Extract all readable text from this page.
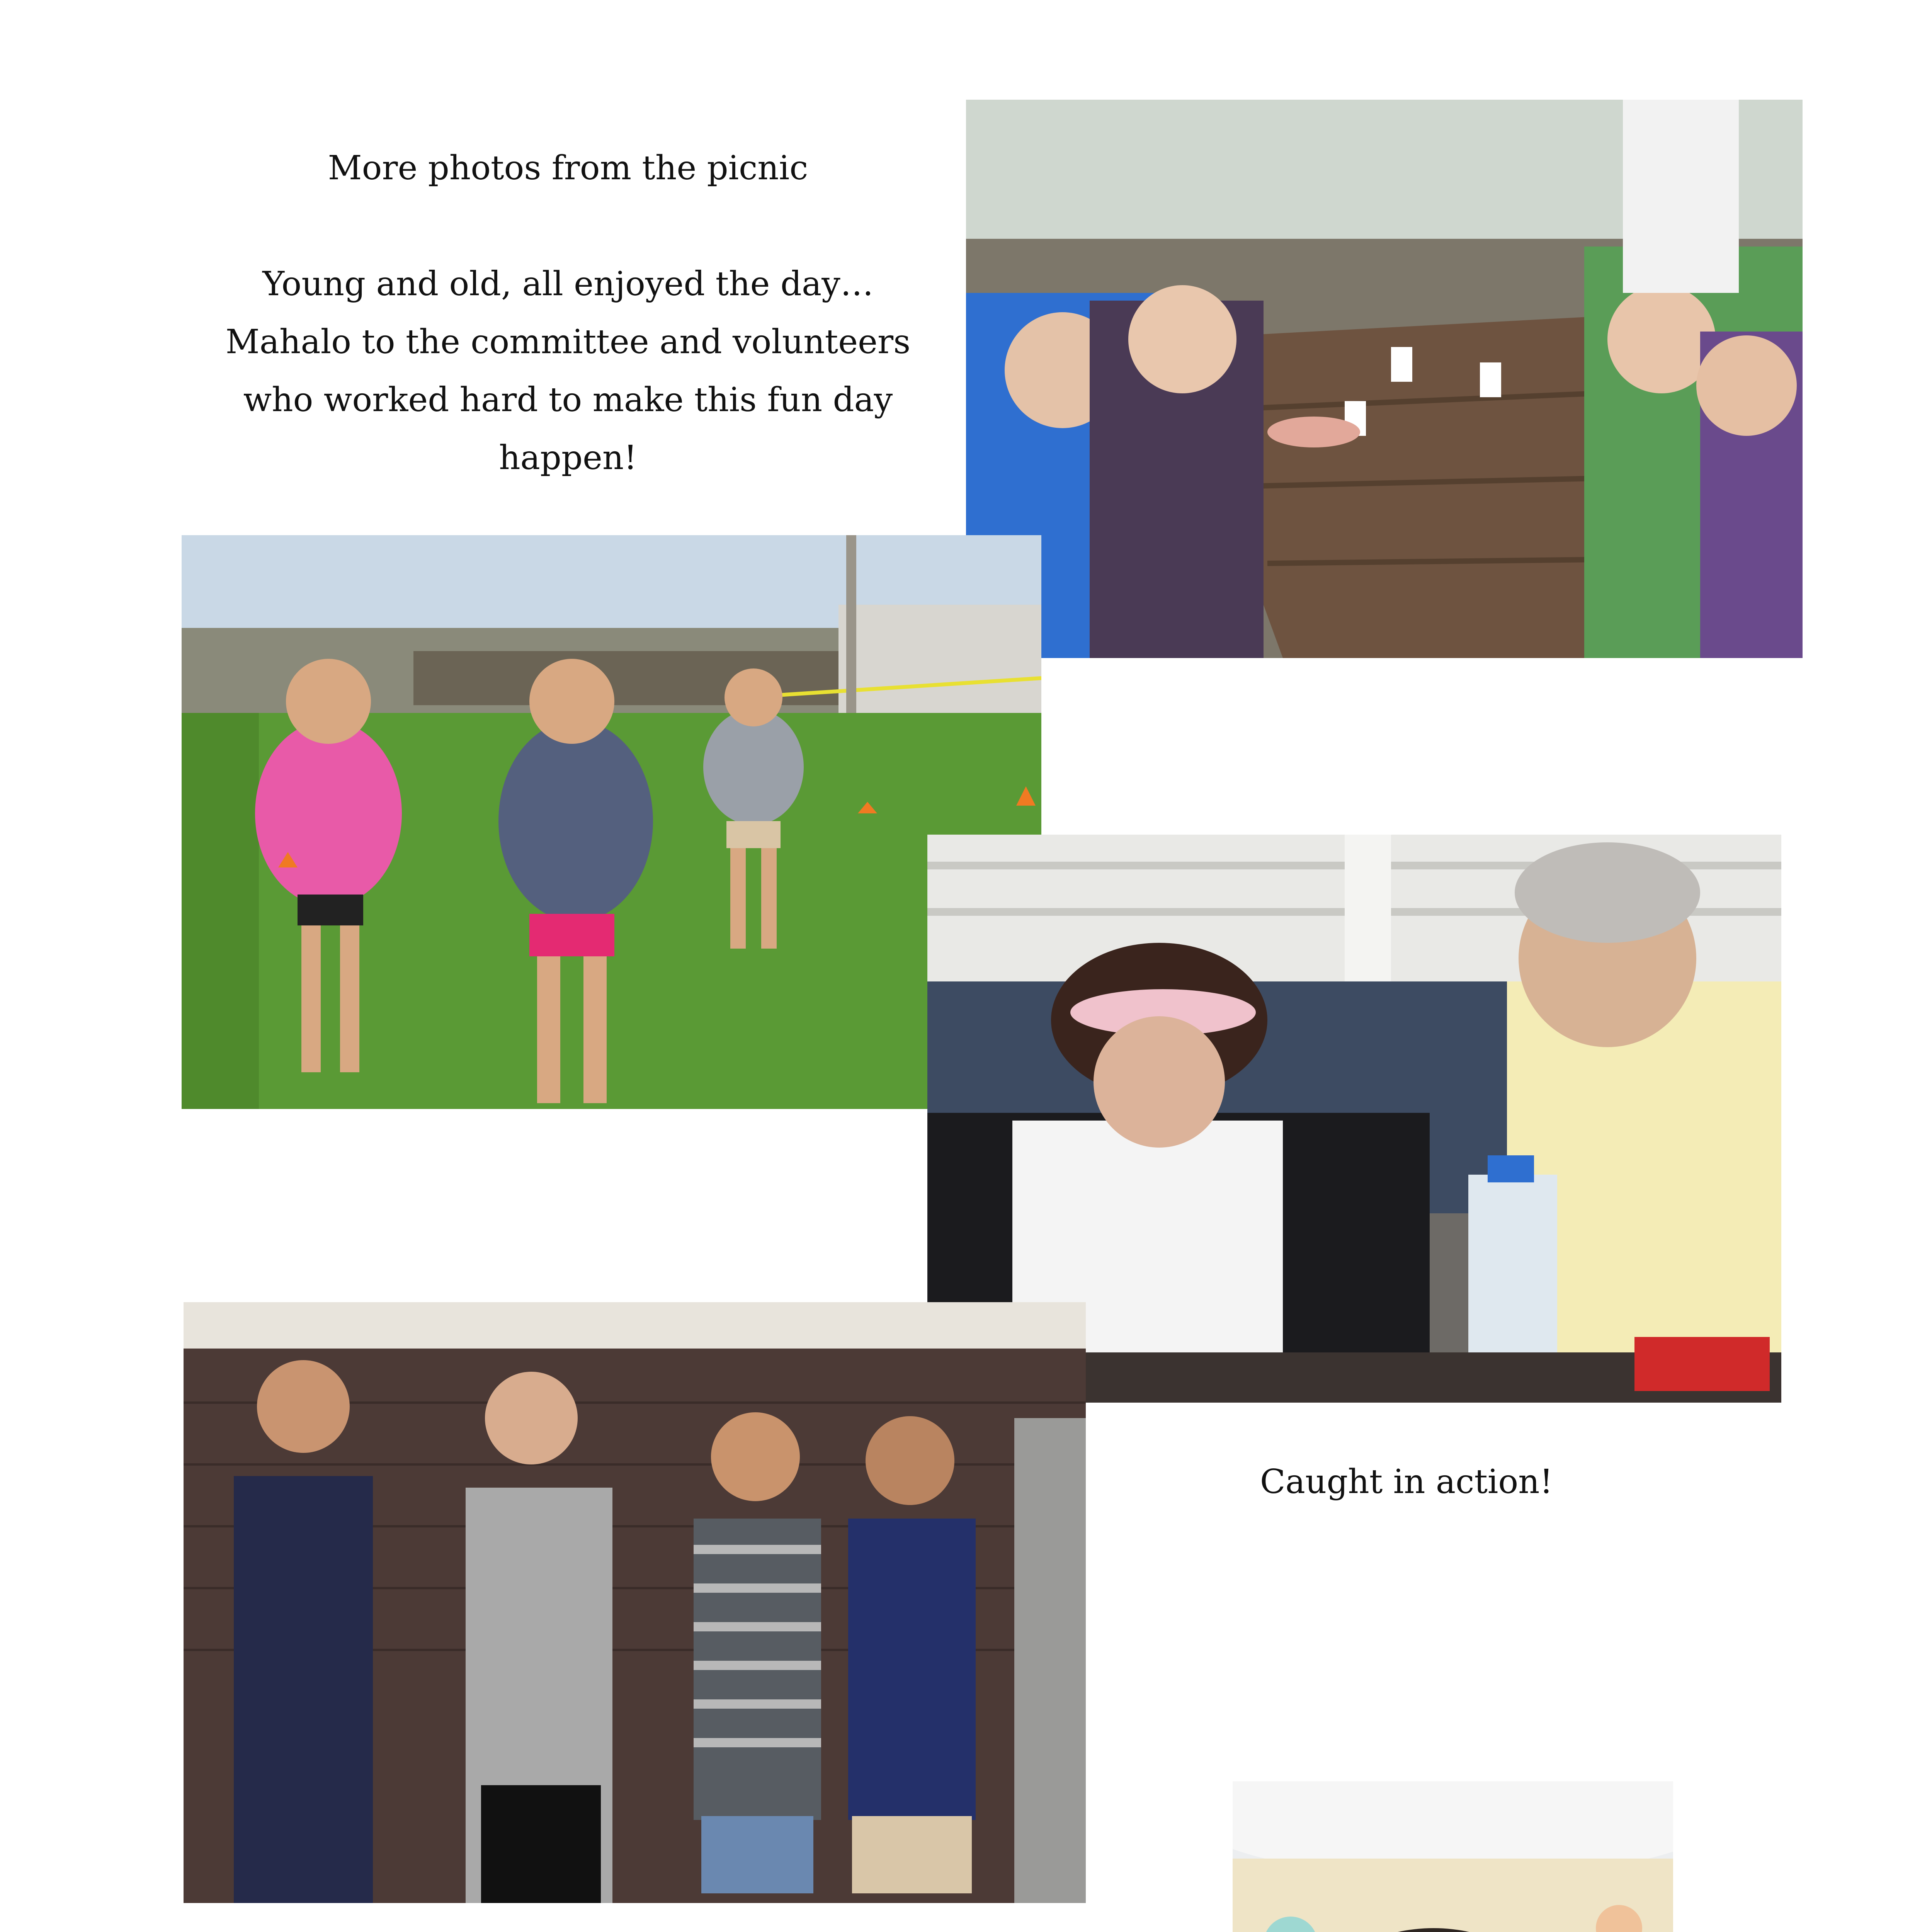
More photos from the picnic

Young and old, all enjoyed the day…

Mahalo to the committee and volunteers

who worked hard to make this fun day

happen!

Caught in action!
